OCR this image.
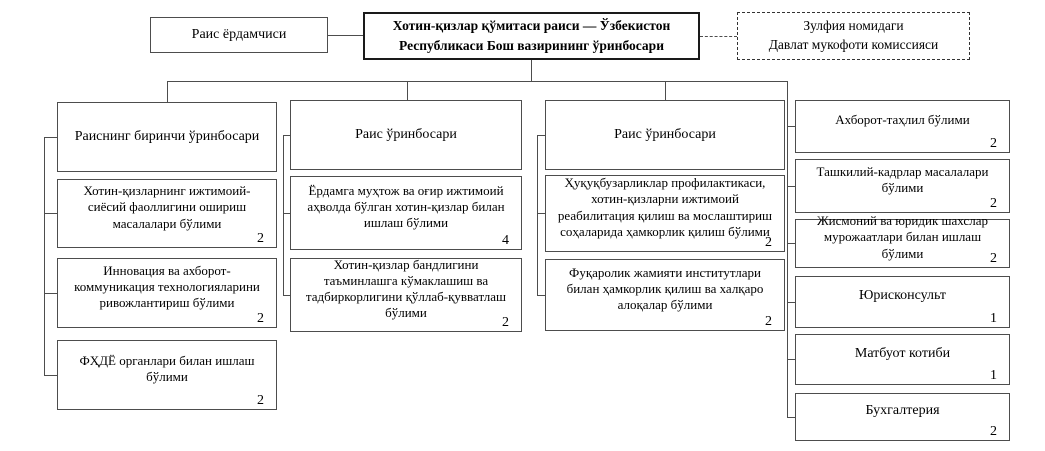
Раис ёрдамчиси
Хотин-қизлар қўмитаси раиси — Ўзбекистон
Республикаси Бош вазирининг ўринбосари
Зулфия номидаги
Давлат мукофоти комиссияси
Раиснинг биринчи ўринбосари
Хотин-қизларнинг ижтимоий-сиёсий фаоллигини ошириш масалалари бўлими
2
Инновация ва ахборот-коммуникация технологияларини ривожлантириш бўлими
2
ФҲДЁ органлари билан ишлаш бўлими
2
Раис ўринбосари
Ёрдамга муҳтож ва оғир ижтимоий аҳволда бўлган хотин-қизлар билан ишлаш бўлими
4
Хотин-қизлар бандлигини таъминлашга кўмаклашиш ва тадбиркорлигини қўллаб-қувватлаш бўлими
2
Раис ўринбосари
Ҳуқуқбузарликлар профилактикаси, хотин-қизларни ижтимоий реабилитация қилиш ва мослаштириш соҳаларида ҳамкорлик қилиш бўлими
2
Фуқаролик жамияти институтлари билан ҳамкорлик қилиш ва халқаро алоқалар бўлими
2
Ахборот-таҳлил бўлими
2
Ташкилий-кадрлар масалалари бўлими
2
Жисмоний ва юридик шахслар мурожаатлари билан ишлаш бўлими	2
Юрисконсульт
1
Матбуот котиби
1
Бухгалтерия
2
